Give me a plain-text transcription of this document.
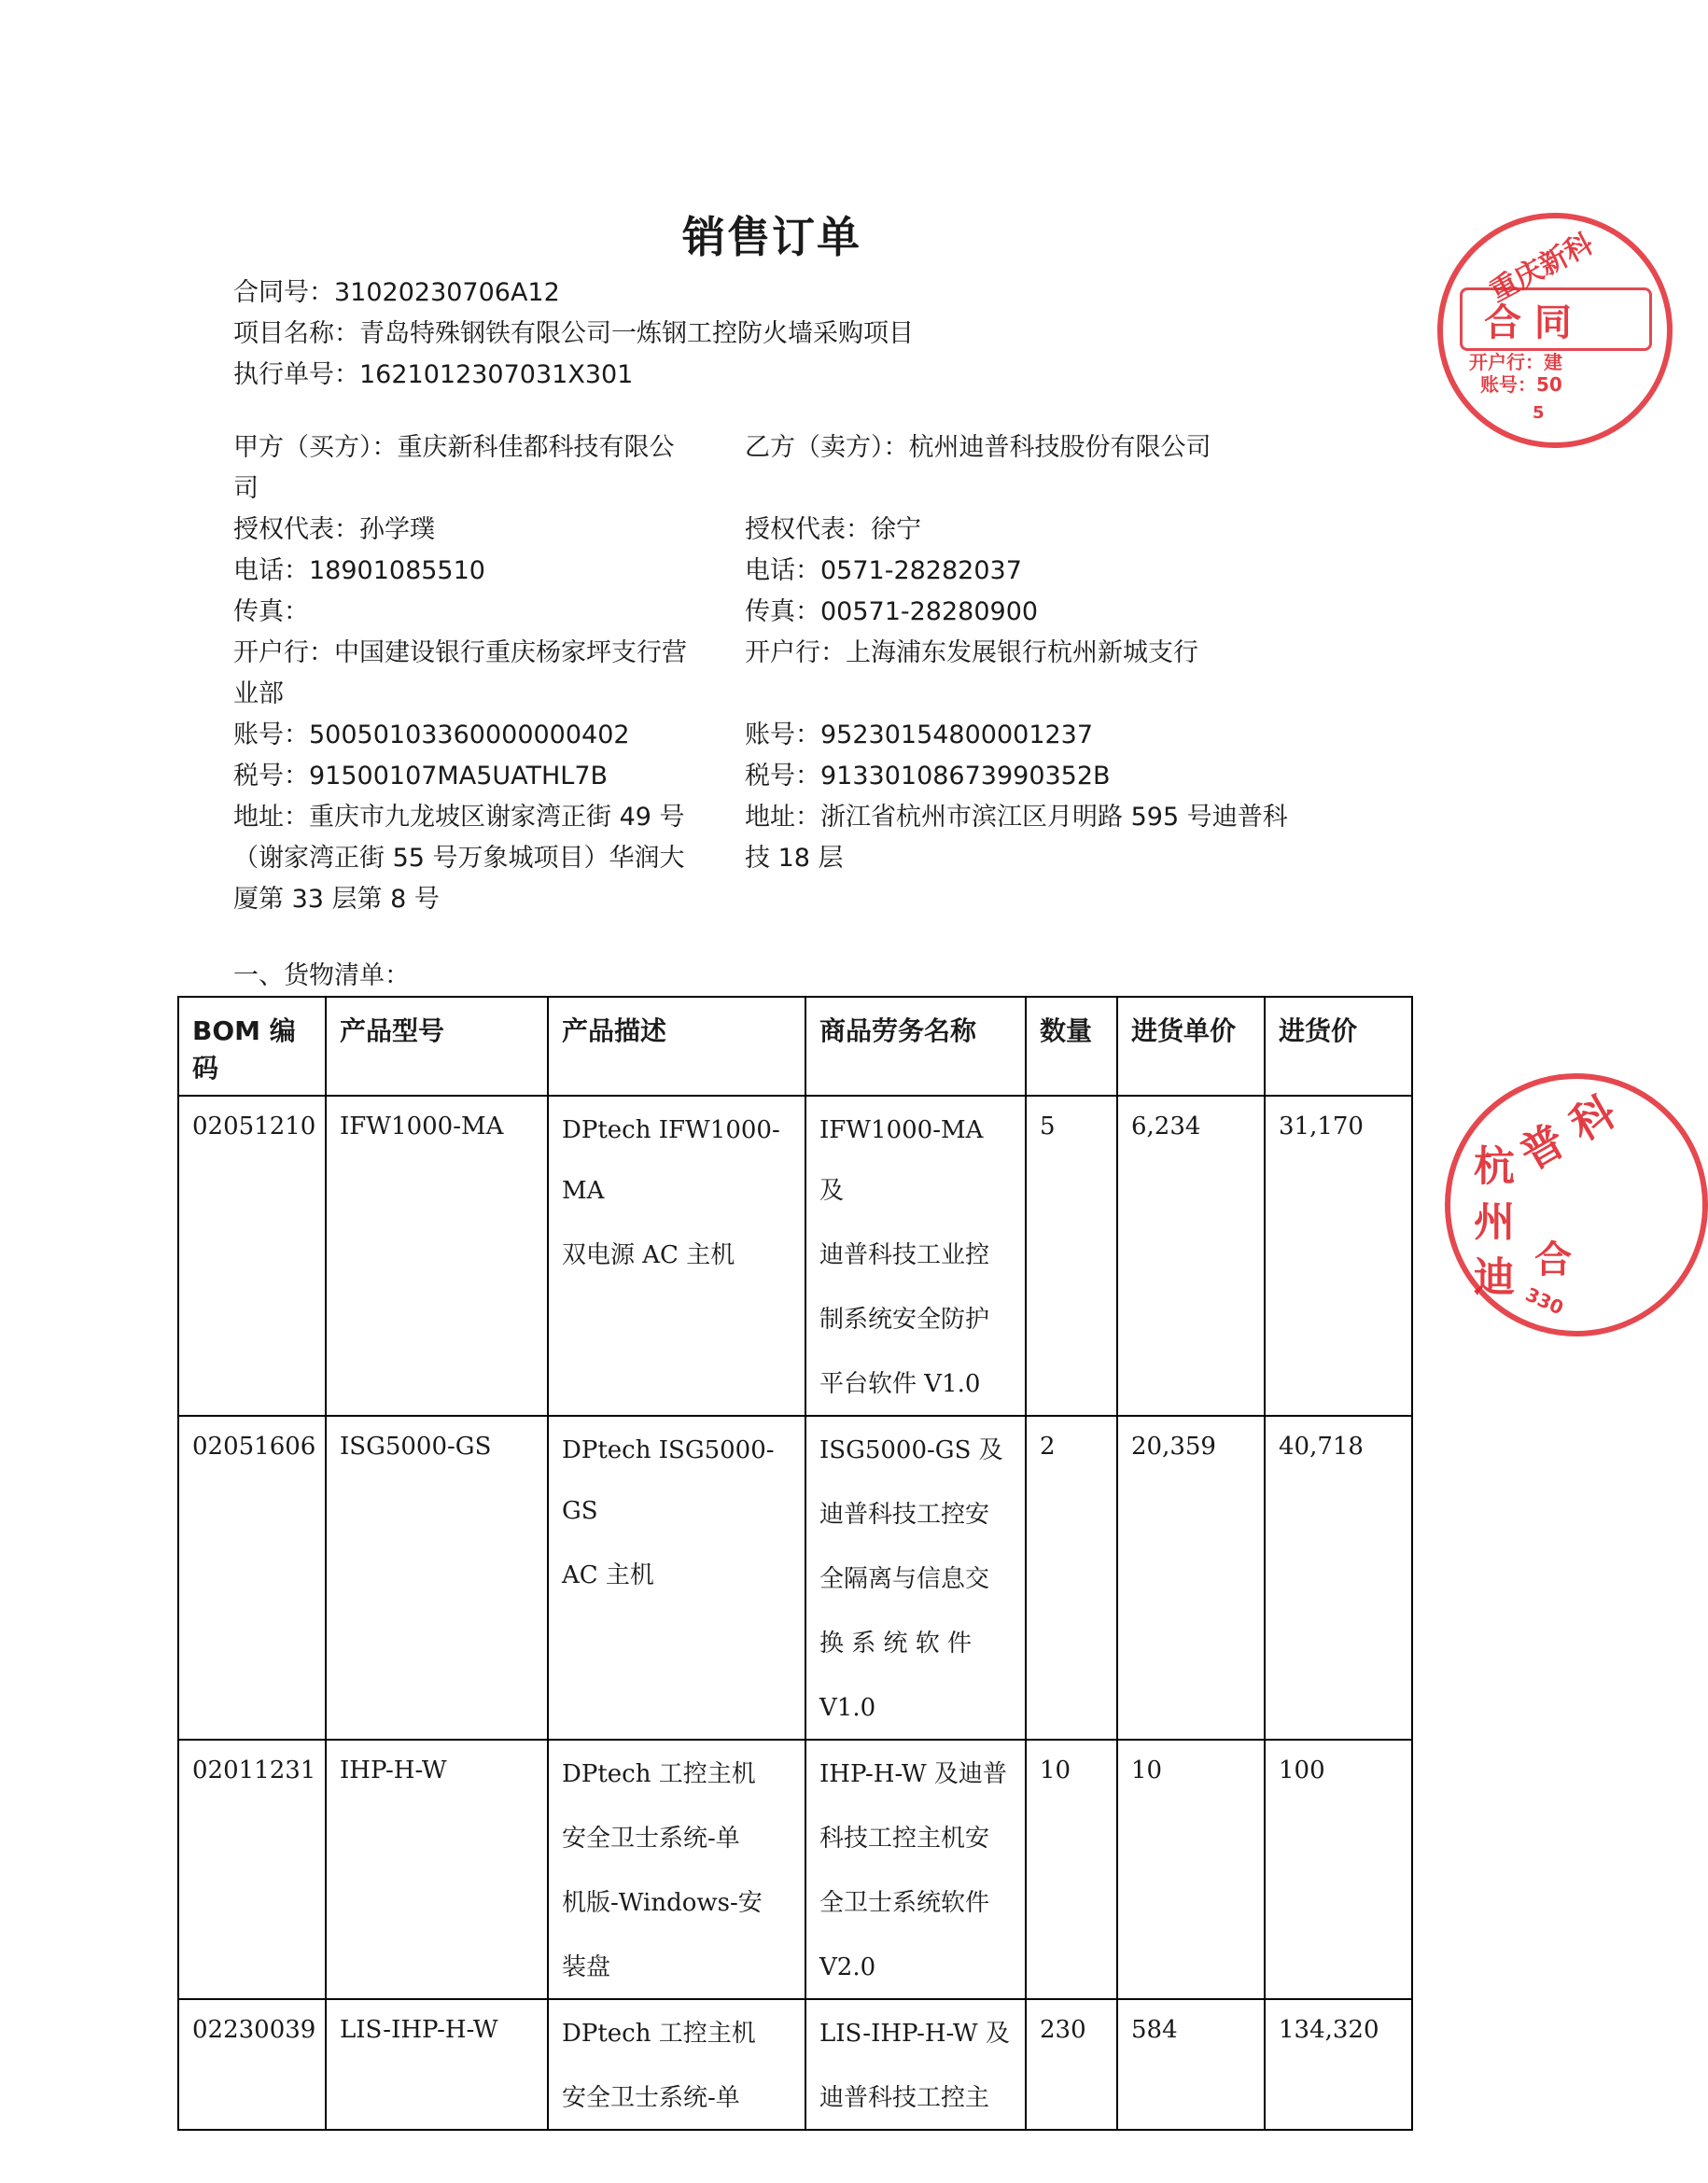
销售订单
合同号：31020230706A12
项目名称：青岛特殊钢铁有限公司一炼钢工控防火墙采购项目
执行单号：1621012307031X301
甲方（买方）：重庆新科佳都科技有限公
司
授权代表：孙学璞
电话：18901085510
传真：
开户行：中国建设银行重庆杨家坪支行营
业部
账号：50050103360000000402
税号：91500107MA5UATHL7B
地址：重庆市九龙坡区谢家湾正街 49 号
（谢家湾正街 55 号万象城项目）华润大
厦第 33 层第 8 号
乙方（卖方）：杭州迪普科技股份有限公司
授权代表：徐宁
电话：0571-28282037
传真：00571-28280900
开户行：上海浦东发展银行杭州新城支行
账号：95230154800001237
税号：91330108673990352B
地址：浙江省杭州市滨江区月明路 595 号迪普科
技 18 层
一、货物清单：
BOM 编码	产品型号	产品描述	商品劳务名称	数量	进货单价	进货价
02051210	IFW1000-MA	DPtech IFW1000-MA
双电源 AC 主机	IFW1000-MA 及
迪普科技工业控
制系统安全防护
平台软件 V1.0	5	6,234	31,170
02051606	ISG5000-GS	DPtech ISG5000-GS
AC 主机	ISG5000-GS 及
迪普科技工控安
全隔离与信息交
换 系 统 软 件
V1.0	2	20,359	40,718
02011231	IHP-H-W	DPtech 工控主机
安全卫士系统-单
机版-Windows-安
装盘	IHP-H-W 及迪普
科技工控主机安
全卫士系统软件
V2.0	10	10	100
02230039	LIS-IHP-H-W	DPtech 工控主机
安全卫士系统-单	LIS-IHP-H-W 及
迪普科技工控主	230	584	134,320
重庆新科
合 同
开户行：建
账号：50
5
普 科
杭 州 迪 合
330
